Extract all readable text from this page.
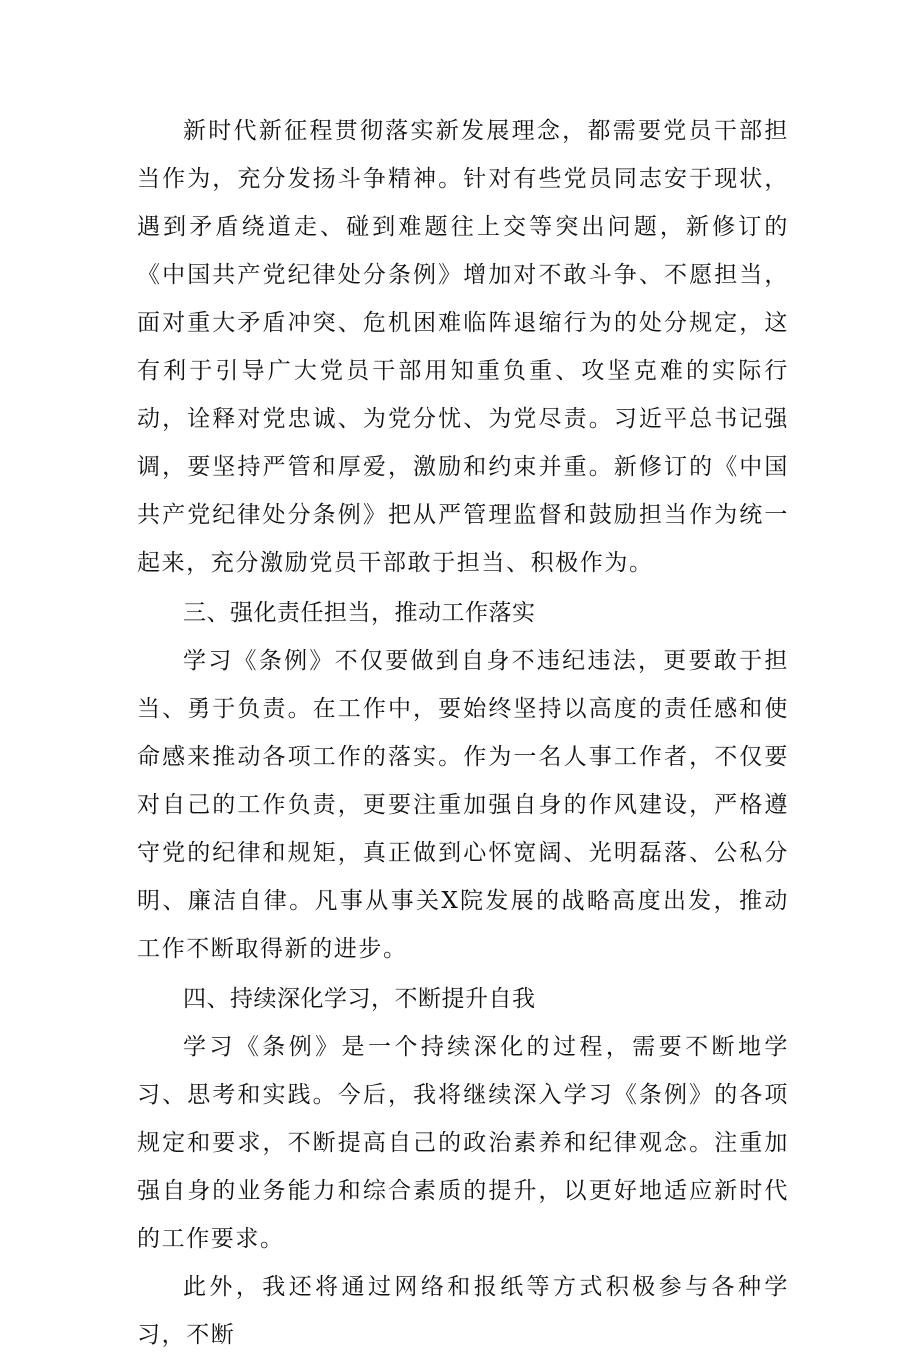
新时代新征程贯彻落实新发展理念，都需要党员干部担当作为，充分发扬斗争精神。针对有些党员同志安于现状，遇到矛盾绕道走、碰到难题往上交等突出问题，新修订的《中国共产党纪律处分条例》增加对不敢斗争、不愿担当，面对重大矛盾冲突、危机困难临阵退缩行为的处分规定，这有利于引导广大党员干部用知重负重、攻坚克难的实际行动，诠释对党忠诚、为党分忧、为党尽责。习近平总书记强调，要坚持严管和厚爱，激励和约束并重。新修订的《中国共产党纪律处分条例》把从严管理监督和鼓励担当作为统一起来，充分激励党员干部敢于担当、积极作为。

三、强化责任担当，推动工作落实

学习《条例》不仅要做到自身不违纪违法，更要敢于担当、勇于负责。在工作中，要始终坚持以高度的责任感和使命感来推动各项工作的落实。作为一名人事工作者，不仅要对自己的工作负责，更要注重加强自身的作风建设，严格遵守党的纪律和规矩，真正做到心怀宽阔、光明磊落、公私分明、廉洁自律。凡事从事关X院发展的战略高度出发，推动工作不断取得新的进步。

四、持续深化学习，不断提升自我

学习《条例》是一个持续深化的过程，需要不断地学习、思考和实践。今后，我将继续深入学习《条例》的各项规定和要求，不断提高自己的政治素养和纪律观念。注重加强自身的业务能力和综合素质的提升，以更好地适应新时代的工作要求。

此外，我还将通过网络和报纸等方式积极参与各种学习，不断
